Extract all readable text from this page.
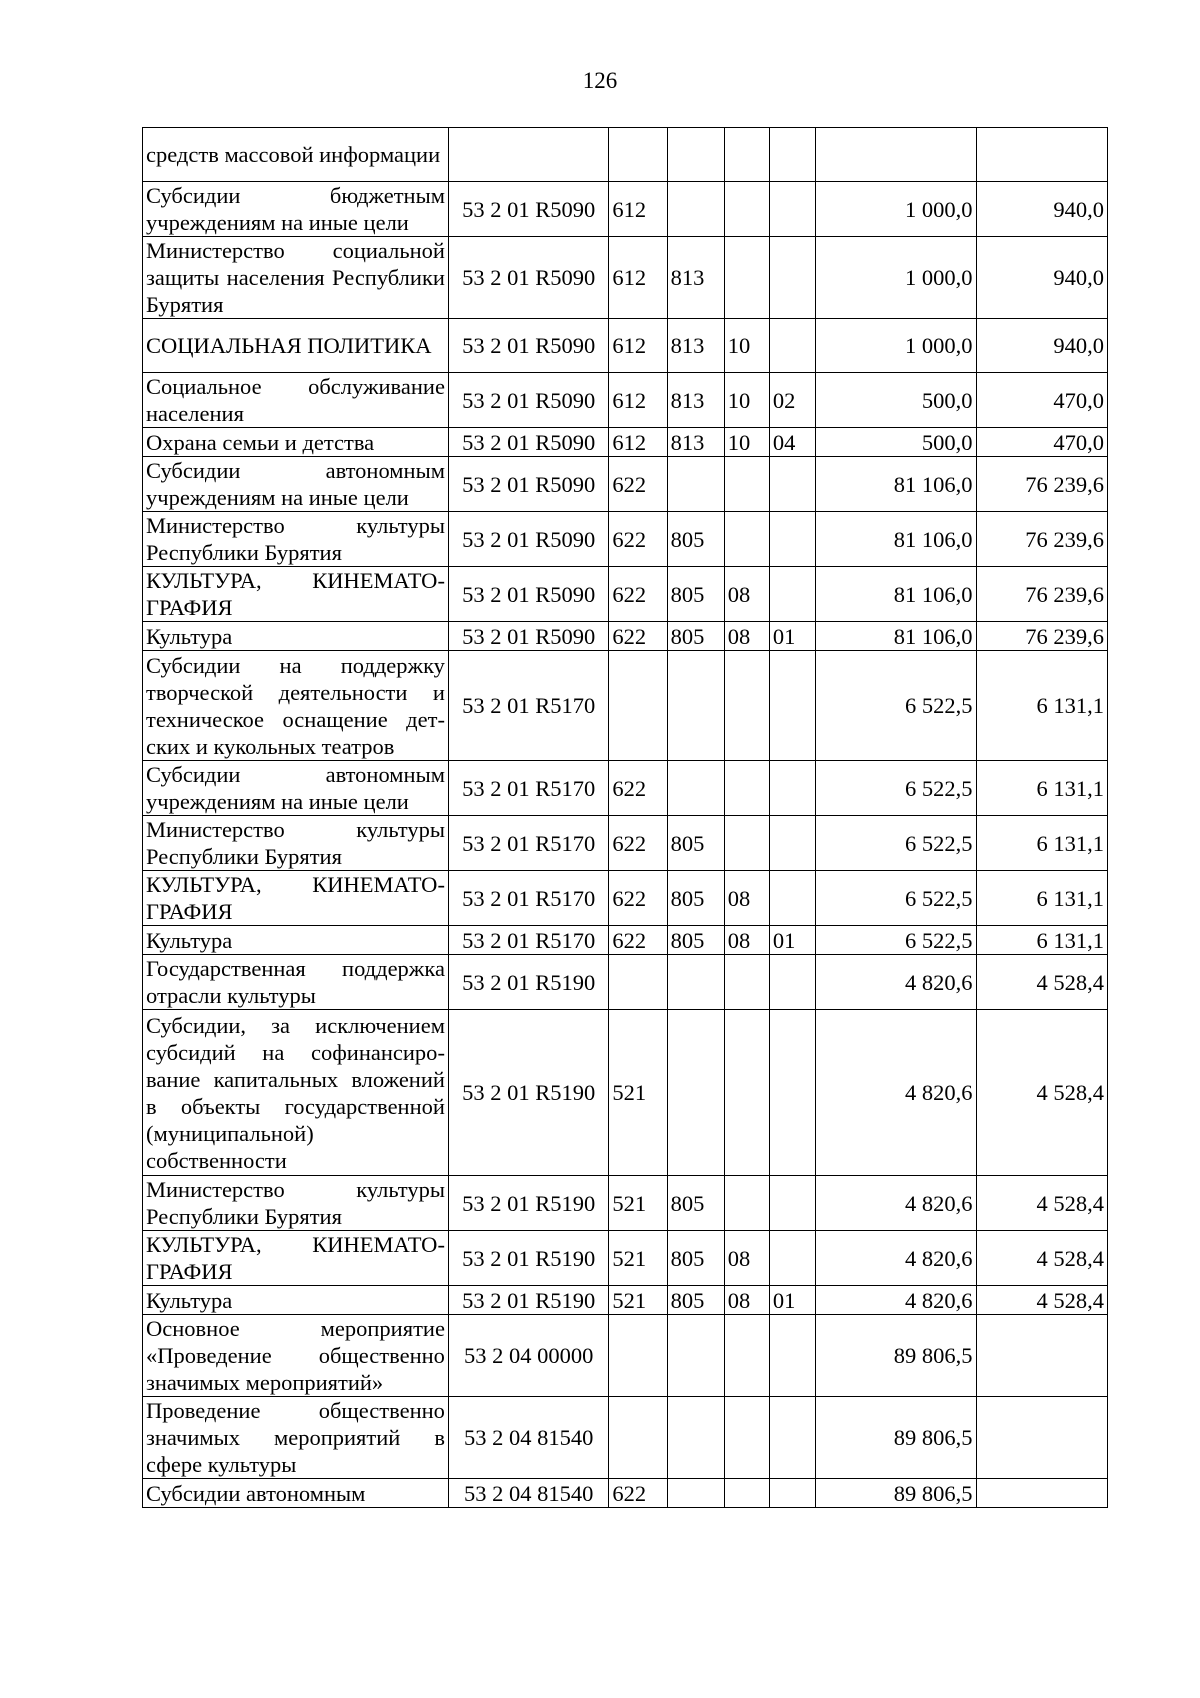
126
средств массовой информации							
Субсидии бюджетным учреждениям на иные цели	53 2 01 R5090	612				1 000,0	940,0
Министерство социальной защиты населения Республики Бурятия	53 2 01 R5090	612	813			1 000,0	940,0
СОЦИАЛЬНАЯ ПОЛИТИКА	53 2 01 R5090	612	813	10		1 000,0	940,0
Социальное обслуживание населения	53 2 01 R5090	612	813	10	02	500,0	470,0
Охрана семьи и детства	53 2 01 R5090	612	813	10	04	500,0	470,0
Субсидии автономным учреждениям на иные цели	53 2 01 R5090	622				81 106,0	76 239,6
Министерство культуры Республики Бурятия	53 2 01 R5090	622	805			81 106,0	76 239,6
КУЛЬТУРА, КИНЕМАТОГРАФИЯ	53 2 01 R5090	622	805	08		81 106,0	76 239,6
Культура	53 2 01 R5090	622	805	08	01	81 106,0	76 239,6
Субсидии на поддержку творческой деятельности и техническое оснащение детских и кукольных театров	53 2 01 R5170					6 522,5	6 131,1
Субсидии автономным учреждениям на иные цели	53 2 01 R5170	622				6 522,5	6 131,1
Министерство культуры Республики Бурятия	53 2 01 R5170	622	805			6 522,5	6 131,1
КУЛЬТУРА, КИНЕМАТОГРАФИЯ	53 2 01 R5170	622	805	08		6 522,5	6 131,1
Культура	53 2 01 R5170	622	805	08	01	6 522,5	6 131,1
Государственная поддержка отрасли культуры	53 2 01 R5190					4 820,6	4 528,4
Субсидии, за исключением субсидий на софинансирование капитальных вложений в объекты государственной (муниципальной) собственности	53 2 01 R5190	521				4 820,6	4 528,4
Министерство культуры Республики Бурятия	53 2 01 R5190	521	805			4 820,6	4 528,4
КУЛЬТУРА, КИНЕМАТОГРАФИЯ	53 2 01 R5190	521	805	08		4 820,6	4 528,4
Культура	53 2 01 R5190	521	805	08	01	4 820,6	4 528,4
Основное мероприятие «Проведение общественно значимых мероприятий»	53 2 04 00000					89 806,5	
Проведение общественно значимых мероприятий в сфере культуры	53 2 04 81540					89 806,5	
Субсидии автономным	53 2 04 81540	622				89 806,5	
